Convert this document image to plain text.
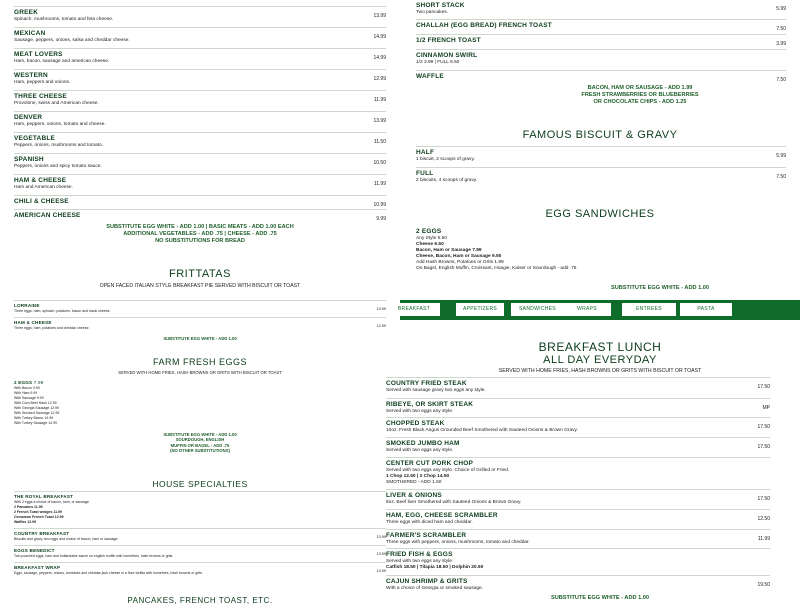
GREEK
Spinach, mushrooms, tomato and feta cheese.
13.99
MEXICAN
Sausage, peppers, onions, salsa and cheddar cheese.
14.99
MEAT LOVERS
Ham, bacon, sausage and american cheese.
14.99
WESTERN
Ham, peppers and onions.
12.99
THREE CHEESE
Provolone, swiss and American cheese.
11.99
DENVER
Ham, peppers, onions, tomato and cheese.
13.99
VEGETABLE
Peppers, onions, mushrooms and tomato.
11.50
SPANISH
Peppers, onions and spicy tomato sauce.
10.50
HAM & CHEESE
Ham and American cheese.
11.99
CHILI & CHEESE	10.99
AMERICAN CHEESE	9.99
SUBSTITUTE EGG WHITE - ADD 1.00 | BASIC MEATS - ADD 1.00 EACH
ADDITIONAL VEGETABLES - ADD .75 | CHEESE - ADD .75
NO SUBSTITUTIONS FOR BREAD
FRITTATAS
OPEN FACED ITALIAN STYLE BREAKFAST PIE SERVED WITH BISCUIT OR TOAST
LORRAINE
Three eggs, ham, spinach, potatoes, bacon and basic cheese.	13.99
HAM & CHEESE
Three eggs, ham, potatoes and cheddar cheese.	12.99
SUBSTITUTE EGG WHITE - ADD 1.00
FARM FRESH EGGS
SERVED WITH HOME FRIES, HASH BROWNS OR GRITS WITH BISCUIT OR TOAST
2 EGGS 7.99
With Bacon 9.99
With Ham 9.99
With Sausage 9.99
With Corn Beef Hash 12.99
With Georgia Sausage 12.99
With Smoked Sausage 12.99
With Turkey Bacon 14.99
With Turkey Sausage 14.99
SUBSTITUTE EGG WHITE - ADD 1.00
SOURDOUGH, ENGLISH
MUFFIN OR BAGEL - ADD .75
(NO OTHER SUBSTITUTIONS)
HOUSE SPECIALTIES
THE ROYAL BREAKFAST
With 2 eggs a choice of bacon, ham, or sausage
2 Pancakes 11.99
2 French Toast wedges 11.99
Cinnamon French Toast 12.99
Waffles 12.99
COUNTRY BREAKFAST
Biscuits and gravy, two eggs and choice of bacon, ham or sausage.	13.99
EGGS BENEDICT
Two poached eggs, ham and hollandaise sauce on english muffin with homefries, hash browns or grits.	13.99
BREAKFAST WRAP
Eggs, sausage, peppers, onions, tomatoes and cheddar jack cheese in a flour tortilla with homefries, hash browns or grits.	13.99
PANCAKES, FRENCH TOAST, ETC.
SHORT STACK
Two pancakes.
5.99
CHALLAH (EGG BREAD) FRENCH TOAST	7.50
1/2 FRENCH TOAST	3.99
CINNAMON SWIRL
1/2 3.99 | FULL 6.50
WAFFLE	7.50
BACON, HAM OR SAUSAGE - ADD 1.99
FRESH STRAWBERRIES OR BLUEBERRIES
OR CHOCOLATE CHIPS - ADD 1.25
FAMOUS BISCUIT & GRAVY
HALF
1 biscuit, 2 scoops of gravy.
5.99
FULL
2 biscuits, 4 scoops of gravy.
7.50
EGG SANDWICHES
2 EGGS
Any Style 5.50
Cheese 6.50
Bacon, Ham or Sausage 7.99
Cheese, Bacon, Ham or Sausage 9.50
Add Hash Browns, Potatoes or Grits 1.99
On Bagel, English Muffin, Croissant, Hoagie, Kaiser or Sourdough - add .75
SUBSTITUTE EGG WHITE - ADD 1.00
BREAKFAST LUNCH
ALL DAY EVERYDAY
SERVED WITH HOME FRIES, HASH BROWNS OR GRITS WITH BISCUIT OR TOAST
COUNTRY FRIED STEAK
Served with sausage gravy two eggs any style.
17.50
RIBEYE, OR SKIRT STEAK
Served with two eggs any style.
MP
CHOPPED STEAK
10oz. Fresh Black Angus Grounded Beef Smothered with Sauteed Onions & Brown Gravy.
17.50
SMOKED JUMBO HAM
Served with two eggs any style.
17.50
CENTER CUT PORK CHOP
Served with two eggs any style. Choice of Grilled or Fried.
1 Chop 12.50 | 2 Chop 14.50
SMOTHERED - ADD 1.50
LIVER & ONIONS
8oz. Beef liver Smothered with Sauteed Onions & Brown Gravy.
17.50
HAM, EGG, CHEESE SCRAMBLER
Three eggs with diced ham and cheddar.
12.50
FARMER'S SCRAMBLER
Three eggs with peppers, onions, mushrooms, tomato and cheddar.
11.99
FRIED FISH & EGGS
Served with two eggs any style.
Catfish 18.50 | Tilapia 18.50 | Dolphin 20.50
CAJUN SHRIMP & GRITS
With a choice of Georgia or smoked sausage.
19.50
SUBSTITUTE EGG WHITE - ADD 1.00
BREAKFAST	APPETIZERS	SANDWICHES	WRAPS	ENTREES	PASTA
